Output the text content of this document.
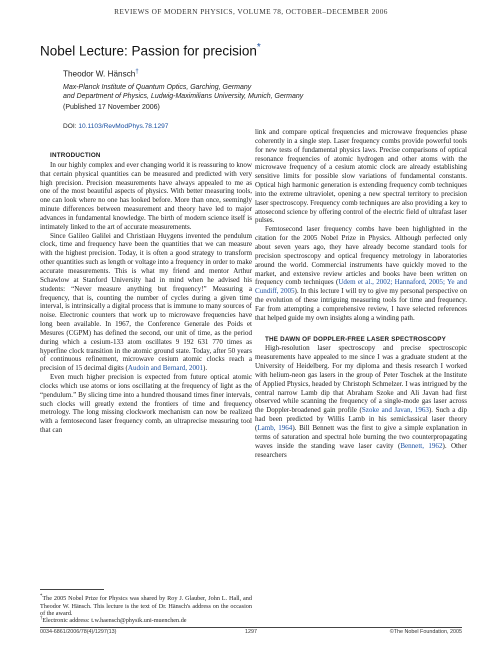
REVIEWS OF MODERN PHYSICS, VOLUME 78, OCTOBER–DECEMBER 2006
Nobel Lecture: Passion for precision*
Theodor W. Hänsch†
Max-Planck Institute of Quantum Optics, Garching, Germany
and Department of Physics, Ludwig-Maximilians University, Munich, Germany
(Published 17 November 2006)
DOI: 10.1103/RevModPhys.78.1297

INTRODUCTION

In our highly complex and ever changing world it is reassuring to know that certain physical quantities can be measured and predicted with very high precision. Precision measurements have always appealed to me as one of the most beautiful aspects of physics. With better measuring tools, one can look where no one has looked before. More than once, seemingly minute differences between measurement and theory have led to major advances in fundamental knowledge. The birth of modern science itself is intimately linked to the art of accurate measurements.

Since Galileo Galilei and Christiaan Huygens invented the pendulum clock, time and frequency have been the quantities that we can measure with the highest precision. Today, it is often a good strategy to transform other quantities such as length or voltage into a frequency in order to make accurate measurements. This is what my friend and mentor Arthur Schawlow at Stanford University had in mind when he advised his students: “Never measure anything but frequency!” Measuring a frequency, that is, counting the number of cycles during a given time interval, is intrinsically a digital process that is immune to many sources of noise. Electronic counters that work up to microwave frequencies have long been available. In 1967, the Conference Generale des Poids et Mesures (CGPM) has defined the second, our unit of time, as the period during which a cesium-133 atom oscillates 9 192 631 770 times as hyperfine clock transition in the atomic ground state. Today, after 50 years of continuous refinement, microwave cesium atomic clocks reach a precision of 15 decimal digits (Audoin and Bernard, 2001).

Even much higher precision is expected from future optical atomic clocks which use atoms or ions oscillating at the frequency of light as the “pendulum.” By slicing time into a hundred thousand times finer intervals, such clocks will greatly extend the frontiers of time and frequency metrology. The long missing clockwork mechanism can now be realized with a femtosecond laser frequency comb, an ultraprecise measuring tool that can

link and compare optical frequencies and microwave frequencies phase coherently in a single step. Laser frequency combs provide powerful tools for new tests of fundamental physics laws. Precise comparisons of optical resonance frequencies of atomic hydrogen and other atoms with the microwave frequency of a cesium atomic clock are already establishing sensitive limits for possible slow variations of fundamental constants. Optical high harmonic generation is extending frequency comb techniques into the extreme ultraviolet, opening a new spectral territory to precision laser spectroscopy. Frequency comb techniques are also providing a key to attosecond science by offering control of the electric field of ultrafast laser pulses.

Femtosecond laser frequency combs have been highlighted in the citation for the 2005 Nobel Prize in Physics. Although perfected only about seven years ago, they have already become standard tools for precision spectroscopy and optical frequency metrology in laboratories around the world. Commercial instruments have quickly moved to the market, and extensive review articles and books have been written on frequency comb techniques (Udem et al., 2002; Hannaford, 2005; Ye and Cundiff, 2005). In this lecture I will try to give my personal perspective on the evolution of these intriguing measuring tools for time and frequency. Far from attempting a comprehensive review, I have selected references that helped guide my own insights along a winding path.

THE DAWN OF DOPPLER-FREE LASER SPECTROSCOPY

High-resolution laser spectroscopy and precise spectroscopic measurements have appealed to me since I was a graduate student at the University of Heidelberg. For my diploma and thesis research I worked with helium-neon gas lasers in the group of Peter Toschek at the Institute of Applied Physics, headed by Christoph Schmelzer. I was intrigued by the central narrow Lamb dip that Abraham Szoke and Ali Javan had first observed while scanning the frequency of a single-mode gas laser across the Doppler-broadened gain profile (Szoke and Javan, 1963). Such a dip had been predicted by Willis Lamb in his semiclassical laser theory (Lamb, 1964). Bill Bennett was the first to give a simple explanation in terms of saturation and spectral hole burning the two counterpropagating waves inside the standing wave laser cavity (Bennett, 1962). Other researchers

*The 2005 Nobel Prize for Physics was shared by Roy J. Glauber, John L. Hall, and Theodor W. Hänsch. This lecture is the text of Dr. Hänsch's address on the occasion of the award.
†Electronic address: t.w.haensch@physik.uni-muenchen.de
0034-6861/2006/78(4)/1297(13)	1297	©The Nobel Foundation, 2005
